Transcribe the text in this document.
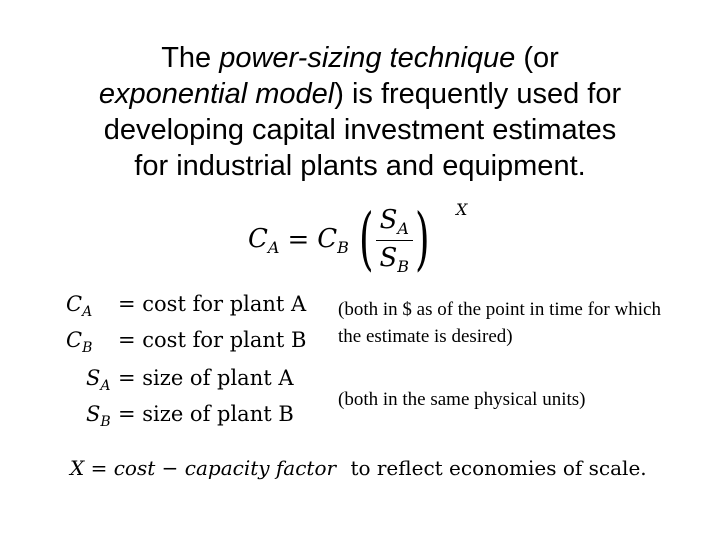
The power-sizing technique (or
exponential model) is frequently used for
developing capital investment estimates
for industrial plants and equipment.
$C_A = C_B$ ( $\frac{S_A}{S_B}$ ) X
$C_A = \cos t$ for plant A
$C_B = \cos t$ for plant B
$S_A$ = size of plant A
$S_B$ = size of plant B
(both in $ as of the point in time for which the estimate is desired)
(both in the same physical units)
X = cost − capacity factor to reflect economies of scale.
